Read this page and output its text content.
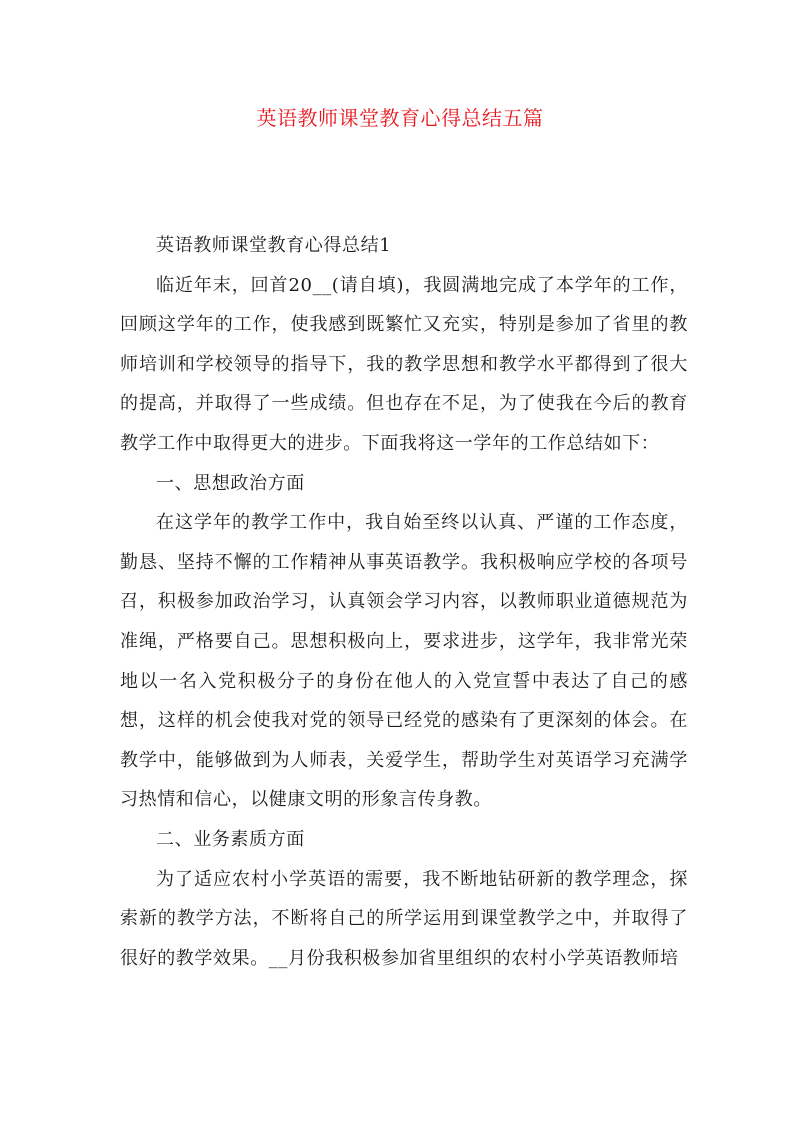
英语教师课堂教育心得总结五篇

英语教师课堂教育心得总结1

临近年末，回首20__(请自填)，我圆满地完成了本学年的工作，回顾这学年的工作，使我感到既繁忙又充实，特别是参加了省里的教师培训和学校领导的指导下，我的教学思想和教学水平都得到了很大的提高，并取得了一些成绩。但也存在不足，为了使我在今后的教育教学工作中取得更大的进步。下面我将这一学年的工作总结如下：

一、思想政治方面

在这学年的教学工作中，我自始至终以认真、严谨的工作态度，勤恳、坚持不懈的工作精神从事英语教学。我积极响应学校的各项号召，积极参加政治学习，认真领会学习内容，以教师职业道德规范为准绳，严格要自己。思想积极向上，要求进步，这学年，我非常光荣地以一名入党积极分子的身份在他人的入党宣誓中表达了自己的感想，这样的机会使我对党的领导已经党的感染有了更深刻的体会。在教学中，能够做到为人师表，关爱学生，帮助学生对英语学习充满学习热情和信心，以健康文明的形象言传身教。

二、业务素质方面

为了适应农村小学英语的需要，我不断地钻研新的教学理念，探索新的教学方法，不断将自己的所学运用到课堂教学之中，并取得了很好的教学效果。__月份我积极参加省里组织的农村小学英语教师培
